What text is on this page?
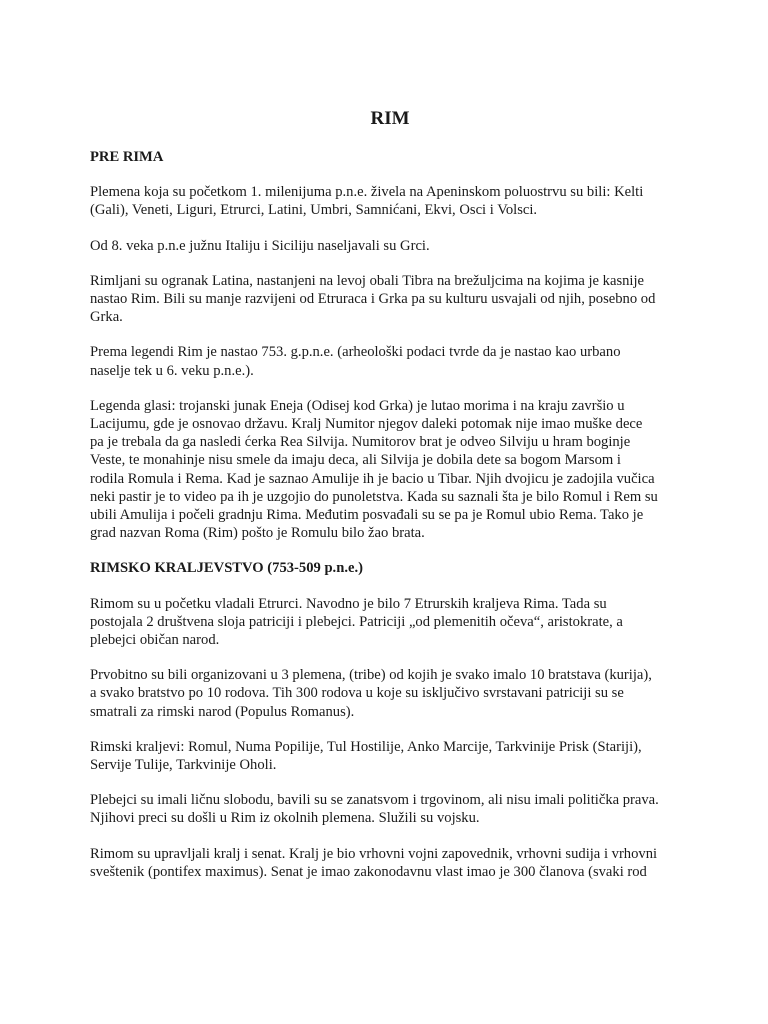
RIM
PRE RIMA
Plemena koja su početkom 1. milenijuma p.n.e. živela na Apeninskom poluostrvu su bili: Kelti
(Gali), Veneti, Liguri, Etrurci, Latini, Umbri, Samnićani, Ekvi, Osci i Volsci.
Od 8. veka p.n.e južnu Italiju i Siciliju naseljavali su Grci.
Rimljani su ogranak Latina, nastanjeni na levoj obali Tibra na brežuljcima na kojima je kasnije
nastao Rim. Bili su manje razvijeni od Etruraca i Grka pa su kulturu usvajali od njih, posebno od
Grka.
Prema legendi Rim je nastao 753. g.p.n.e. (arheološki podaci tvrde da je nastao kao urbano
naselje tek u 6. veku p.n.e.).
Legenda glasi: trojanski junak Eneja (Odisej kod Grka) je lutao morima i na kraju završio u
Lacijumu, gde je osnovao državu. Kralj Numitor njegov daleki potomak nije imao muške dece
pa je trebala da ga nasledi ćerka Rea Silvija. Numitorov brat je odveo Silviju u hram boginje
Veste, te monahinje nisu smele da imaju deca, ali Silvija je dobila dete sa bogom Marsom i
rodila Romula i Rema. Kad je saznao Amulije ih je bacio u Tibar. Njih dvojicu je zadojila vučica
neki pastir je to video pa ih je uzgojio do punoletstva. Kada su saznali šta je bilo Romul i Rem su
ubili Amulija i počeli gradnju Rima. Međutim posvađali su se pa je Romul ubio Rema. Tako je
grad nazvan Roma (Rim) pošto je Romulu bilo žao brata.
RIMSKO KRALJEVSTVO (753-509 p.n.e.)
Rimom su u početku vladali Etrurci. Navodno je bilo 7 Etrurskih kraljeva Rima. Tada su
postojala 2 društvena sloja patriciji i plebejci. Patriciji „od plemenitih očeva“, aristokrate, a
plebejci običan narod.
Prvobitno su bili organizovani u 3 plemena, (tribe) od kojih je svako imalo 10 bratstava (kurija),
a svako bratstvo po 10 rodova. Tih 300 rodova u koje su isključivo svrstavani patriciji su se
smatrali za rimski narod (Populus Romanus).
Rimski kraljevi: Romul, Numa Popilije, Tul Hostilije, Anko Marcije, Tarkvinije Prisk (Stariji),
Servije Tulije, Tarkvinije Oholi.
Plebejci su imali ličnu slobodu, bavili su se zanatsvom i trgovinom, ali nisu imali politička prava.
Njihovi preci su došli u Rim iz okolnih plemena. Služili su vojsku.
Rimom su upravljali kralj i senat. Kralj je bio vrhovni vojni zapovednik, vrhovni sudija i vrhovni
sveštenik (pontifex maximus). Senat je imao zakonodavnu vlast imao je 300 članova (svaki rod
